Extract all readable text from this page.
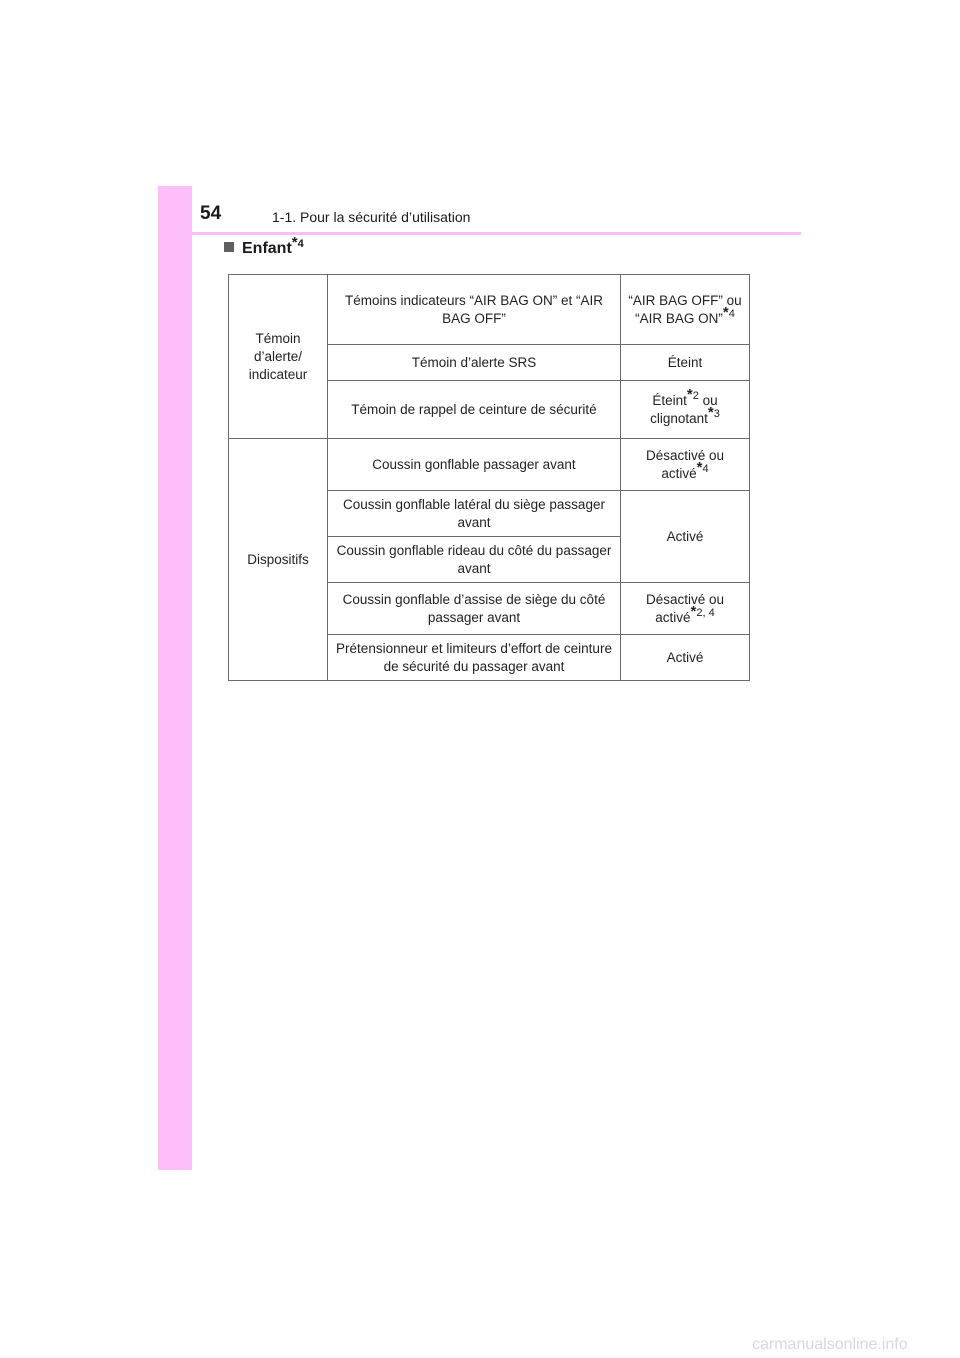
54	1-1. Pour la sécurité d’utilisation
Enfant$^{*4}$
Témoin d’alerte/ indicateur	Témoins indicateurs “AIR BAG ON” et “AIR BAG OFF”	“AIR BAG OFF” ou “AIR BAG ON”$^{*4}$
	Témoin d’alerte SRS	Éteint
	Témoin de rappel de ceinture de sécurité	Éteint$^{*2}$ ou clignotant$^{*3}$
Dispositifs	Coussin gonflable passager avant	Désactivé ou activé$^{*4}$
	Coussin gonflable latéral du siège passager avant	Activé
	Coussin gonflable rideau du côté du passager avant	
	Coussin gonflable d’assise de siège du côté passager avant	Désactivé ou activé$^{*2, 4}$
	Prétensionneur et limiteurs d’effort de ceinture de sécurité du passager avant	Activé
carmanualsonline.info
